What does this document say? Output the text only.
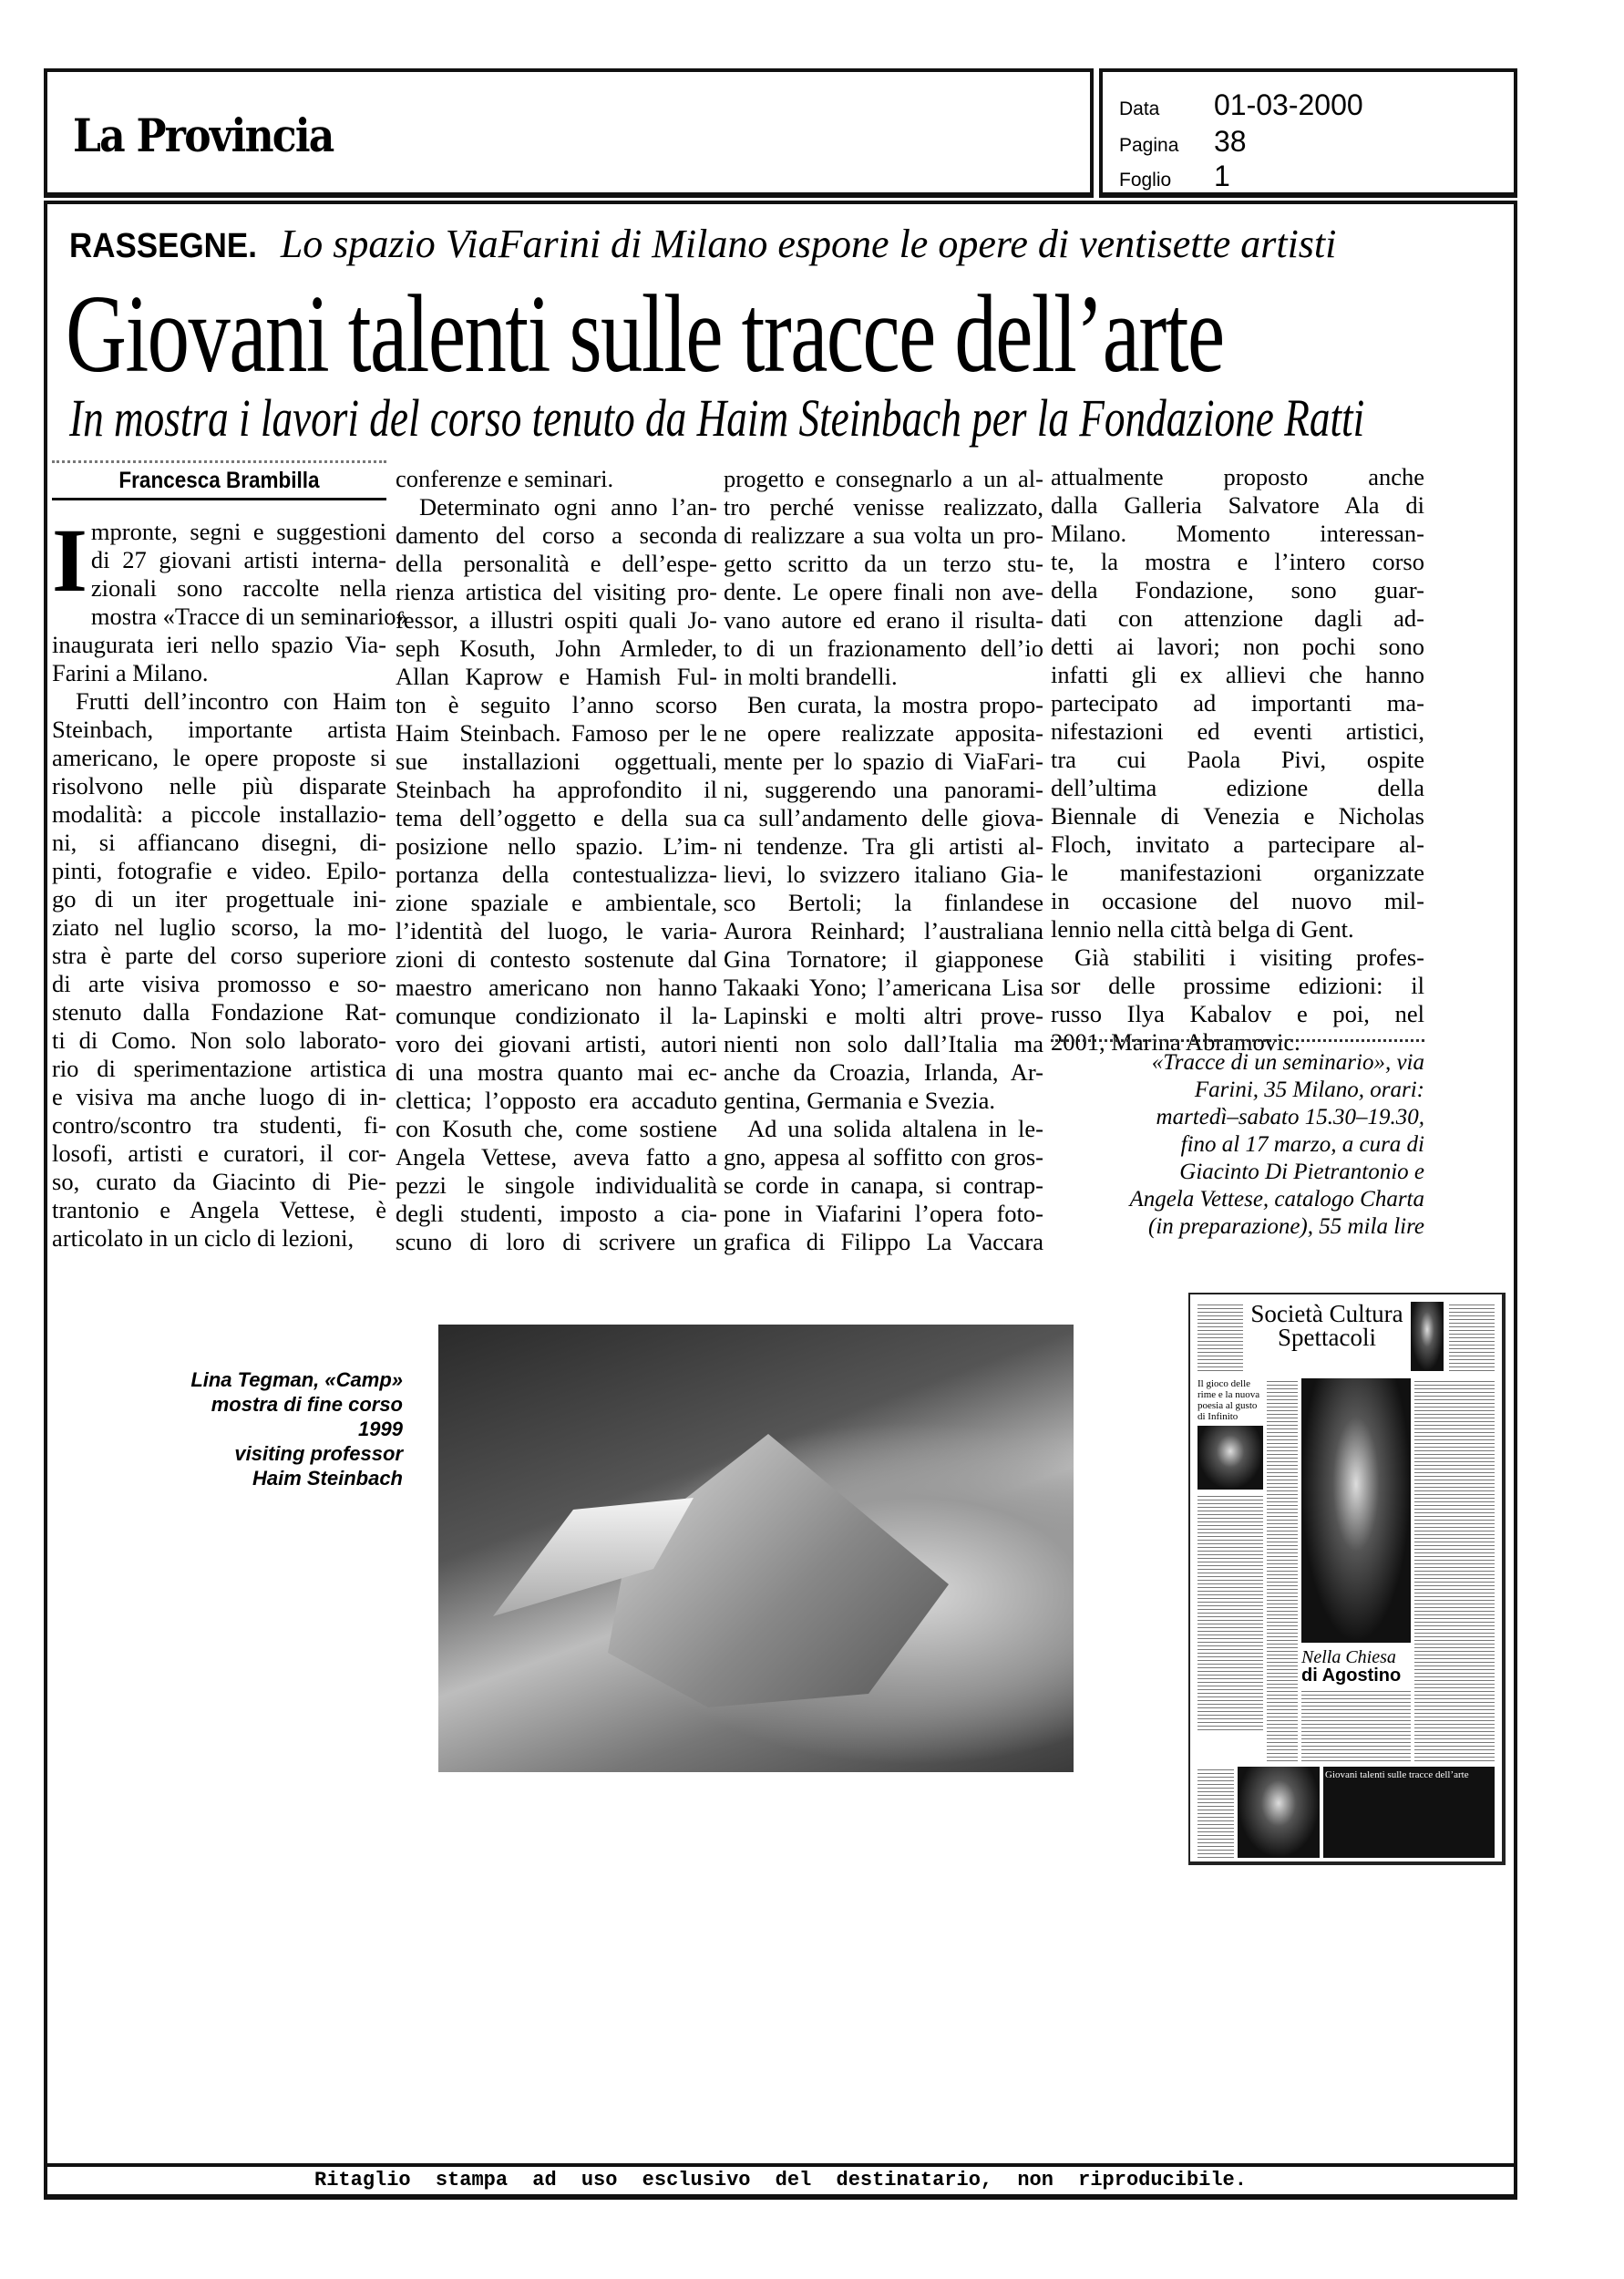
La Provincia	Data	01-03-2000
Pagina	38
Foglio	1
RASSEGNE. Lo spazio ViaFarini di Milano espone le opere di ventisette artisti
Giovani talenti sulle tracce dell’arte
In mostra i lavori del corso tenuto da Haim Steinbach per la Fondazione Ratti
Francesca Brambilla
I mpronte, segni e suggestioni
di 27 giovani artisti interna-
zionali sono raccolte nella
mostra «Tracce di un seminario»
inaugurata ieri nello spazio Via-
Farini a Milano.
Frutti dell’incontro con Haim
Steinbach, importante artista
americano, le opere proposte si
risolvono nelle più disparate
modalità: a piccole installazio-
ni, si affiancano disegni, di-
pinti, fotografie e video. Epilo-
go di un iter progettuale ini-
ziato nel luglio scorso, la mo-
stra è parte del corso superiore
di arte visiva promosso e so-
stenuto dalla Fondazione Rat-
ti di Como. Non solo laborato-
rio di sperimentazione artistica
e visiva ma anche luogo di in-
contro/scontro tra studenti, fi-
losofi, artisti e curatori, il cor-
so, curato da Giacinto di Pie-
trantonio e Angela Vettese, è
articolato in un ciclo di lezioni,
conferenze e seminari.
Determinato ogni anno l’an-
damento del corso a seconda
della personalità e dell’espe-
rienza artistica del visiting pro-
fessor, a illustri ospiti quali Jo-
seph Kosuth, John Armleder,
Allan Kaprow e Hamish Ful-
ton è seguito l’anno scorso
Haim Steinbach. Famoso per le
sue installazioni oggettuali,
Steinbach ha approfondito il
tema dell’oggetto e della sua
posizione nello spazio. L’im-
portanza della contestualizza-
zione spaziale e ambientale,
l’identità del luogo, le varia-
zioni di contesto sostenute dal
maestro americano non hanno
comunque condizionato il la-
voro dei giovani artisti, autori
di una mostra quanto mai ec-
clettica; l’opposto era accaduto
con Kosuth che, come sostiene
Angela Vettese, aveva fatto a
pezzi le singole individualità
degli studenti, imposto a cia-
scuno di loro di scrivere un
progetto e consegnarlo a un al-
tro perché venisse realizzato,
di realizzare a sua volta un pro-
getto scritto da un terzo stu-
dente. Le opere finali non ave-
vano autore ed erano il risulta-
to di un frazionamento dell’io
in molti brandelli.
Ben curata, la mostra propo-
ne opere realizzate apposita-
mente per lo spazio di ViaFari-
ni, suggerendo una panorami-
ca sull’andamento delle giova-
ni tendenze. Tra gli artisti al-
lievi, lo svizzero italiano Gia-
sco Bertoli; la finlandese
Aurora Reinhard; l’australiana
Gina Tornatore; il giapponese
Takaaki Yono; l’americana Lisa
Lapinski e molti altri prove-
nienti non solo dall’Italia ma
anche da Croazia, Irlanda, Ar-
gentina, Germania e Svezia.
Ad una solida altalena in le-
gno, appesa al soffitto con gros-
se corde in canapa, si contrap-
pone in Viafarini l’opera foto-
grafica di Filippo La Vaccara
attualmente proposto anche
dalla Galleria Salvatore Ala di
Milano. Momento interessan-
te, la mostra e l’intero corso
della Fondazione, sono guar-
dati con attenzione dagli ad-
detti ai lavori; non pochi sono
infatti gli ex allievi che hanno
partecipato ad importanti ma-
nifestazioni ed eventi artistici,
tra cui Paola Pivi, ospite
dell’ultima edizione della
Biennale di Venezia e Nicholas
Floch, invitato a partecipare al-
le manifestazioni organizzate
in occasione del nuovo mil-
lennio nella città belga di Gent.
Già stabiliti i visiting profes-
sor delle prossime edizioni: il
russo Ilya Kabalov e poi, nel
2001, Marina Abramovic.
«Tracce di un seminario», via
Farini, 35 Milano, orari:
martedì–sabato 15.30–19.30,
fino al 17 marzo, a cura di
Giacinto Di Pietrantonio e
Angela Vettese, catalogo Charta
(in preparazione), 55 mila lire
Lina Tegman, «Camp»
mostra di fine corso 1999
visiting professor
Haim Steinbach
Società Cultura
Spettacoli
Il gioco delle rime e la nuova poesia al gusto di Infinito
Nella Chiesa
di Agostino
Giovani talenti sulle tracce dell’arte
Ritaglio stampa ad uso esclusivo del destinatario, non riproducibile.
